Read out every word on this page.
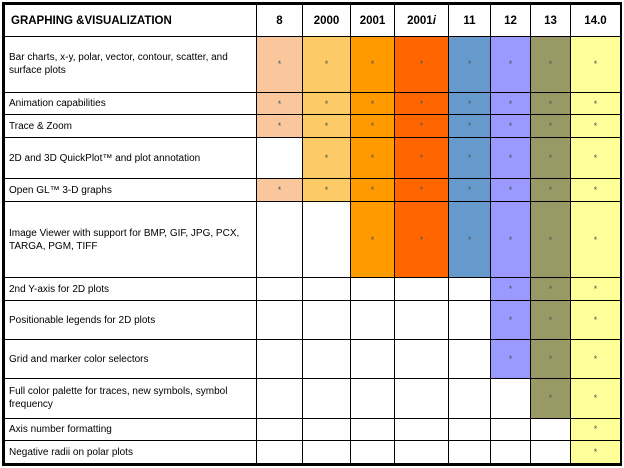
GRAPHING &VISUALIZATION	8	2000	2001	2001i	11	12	13	14.0
Bar charts, x-y, polar, vector, contour, scatter, and surface plots	*	*	*	*	*	*	*	*
Animation capabilities	*	*	*	*	*	*	*	*
Trace & Zoom	*	*	*	*	*	*	*	*
2D and 3D QuickPlot™ and plot annotation		*	*	*	*	*	*	*
Open GL™ 3-D graphs	*	*	*	*	*	*	*	*
Image Viewer with support for BMP, GIF, JPG, PCX, TARGA, PGM, TIFF			*	*	*	*	*	*
2nd Y-axis for 2D plots						*	*	*
Positionable legends for 2D plots						*	*	*
Grid and marker color selectors						*	*	*
Full color palette for traces, new symbols, symbol frequency							*	*
Axis number formatting								*
Negative radii on polar plots								*
